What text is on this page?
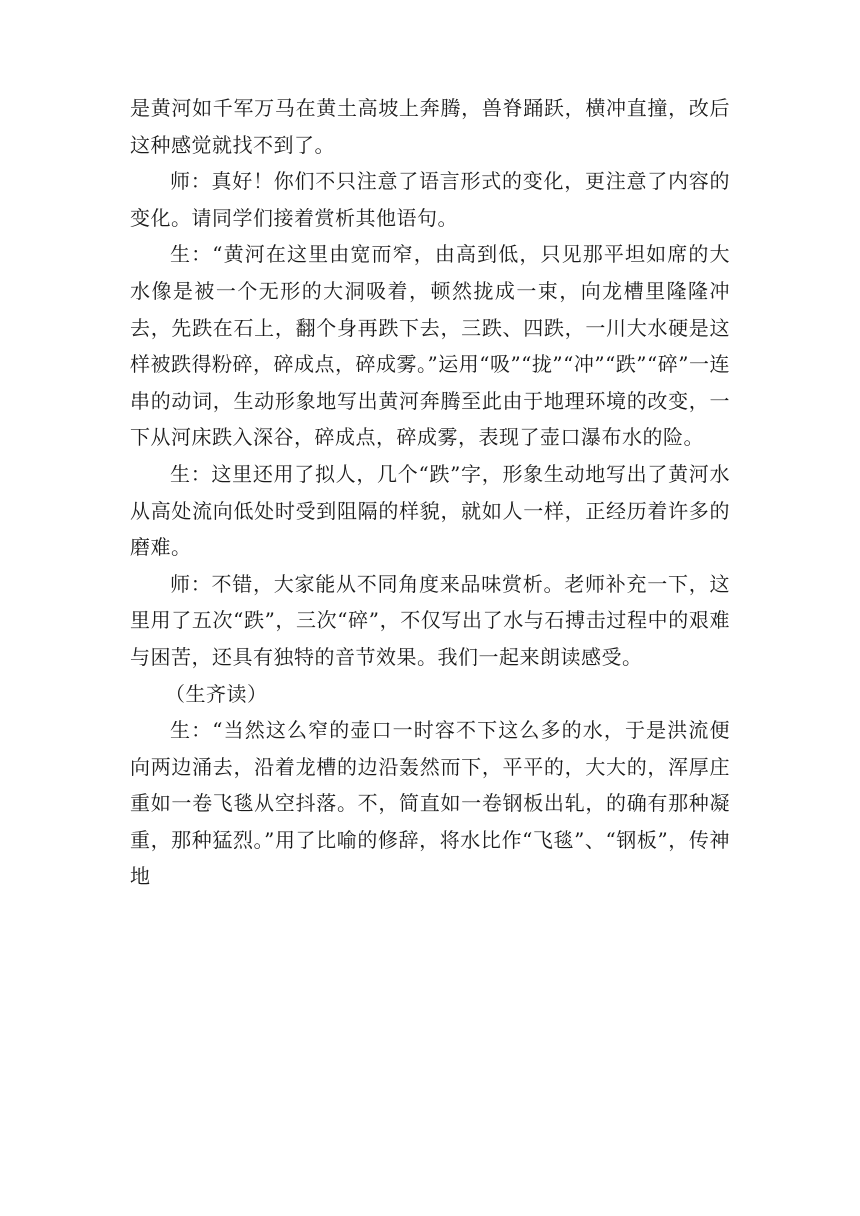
是黄河如千军万马在黄土高坡上奔腾，兽脊踊跃，横冲直撞，改后这种感觉就找不到了。

师：真好！你们不只注意了语言形式的变化，更注意了内容的变化。请同学们接着赏析其他语句。

生：“黄河在这里由宽而窄，由高到低，只见那平坦如席的大水像是被一个无形的大洞吸着，顿然拢成一束，向龙槽里隆隆冲去，先跌在石上，翻个身再跌下去，三跌、四跌，一川大水硬是这样被跌得粉碎，碎成点，碎成雾。”运用“吸”“拢”“冲”“跌”“碎”一连串的动词，生动形象地写出黄河奔腾至此由于地理环境的改变，一下从河床跌入深谷，碎成点，碎成雾，表现了壶口瀑布水的险。

生：这里还用了拟人，几个“跌”字，形象生动地写出了黄河水从高处流向低处时受到阻隔的样貌，就如人一样，正经历着许多的磨难。

师：不错，大家能从不同角度来品味赏析。老师补充一下，这里用了五次“跌”，三次“碎”，不仅写出了水与石搏击过程中的艰难与困苦，还具有独特的音节效果。我们一起来朗读感受。

（生齐读）

生：“当然这么窄的壶口一时容不下这么多的水，于是洪流便向两边涌去，沿着龙槽的边沿轰然而下，平平的，大大的，浑厚庄重如一卷飞毯从空抖落。不，简直如一卷钢板出轧，的确有那种凝重，那种猛烈。”用了比喻的修辞，将水比作“飞毯”、“钢板”，传神地
